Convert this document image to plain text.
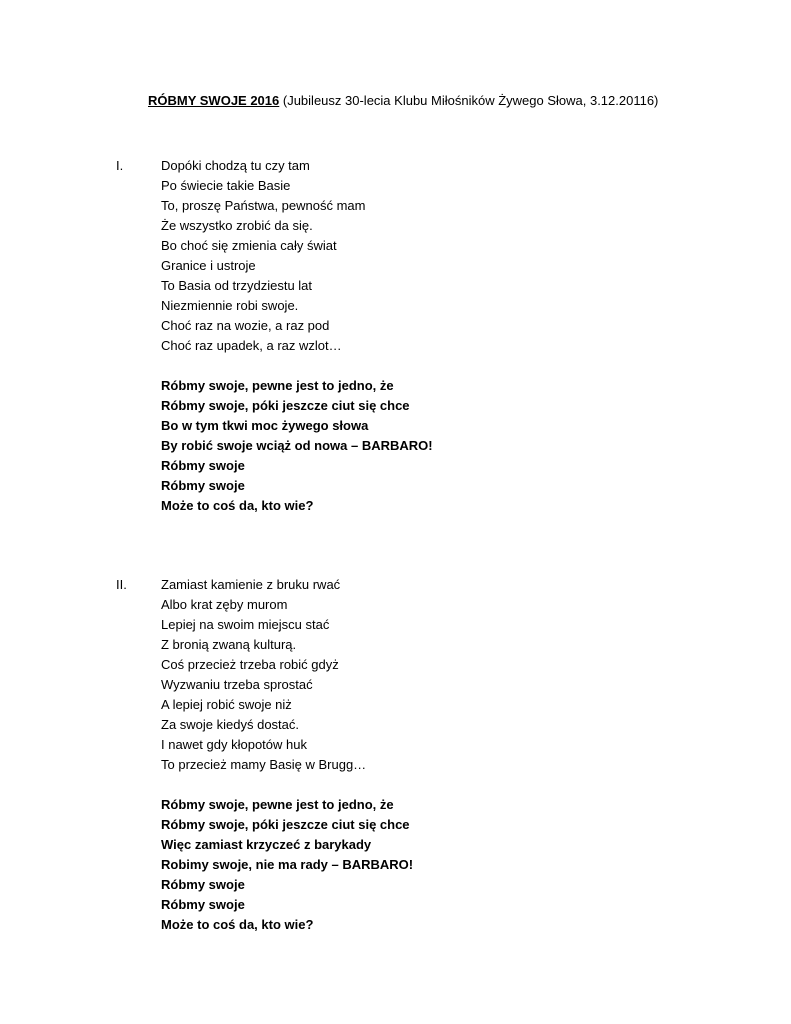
RÓBMY SWOJE 2016 (Jubileusz 30-lecia Klubu Miłośników Żywego Słowa, 3.12.20116)
I.	Dopóki chodzą tu czy tam
Po świecie takie Basie
To, proszę Państwa, pewność mam
Że wszystko zrobić da się.
Bo choć się zmienia cały świat
Granice i ustroje
To Basia od trzydziestu lat
Niezmiennie robi swoje.
Choć raz na wozie, a raz pod
Choć raz upadek, a raz wzlot…
Róbmy swoje, pewne jest to jedno, że
Róbmy swoje, póki jeszcze ciut się chce
Bo w tym tkwi moc żywego słowa
By robić swoje wciąż od nowa – BARBARO!
Róbmy swoje
Róbmy swoje
Może to coś da, kto wie?
II.	Zamiast kamienie z bruku rwać
Albo krat zęby murom
Lepiej na swoim miejscu stać
Z bronią zwaną kulturą.
Coś przecież trzeba robić gdyż
Wyzwaniu trzeba sprostać
A lepiej robić swoje niż
Za swoje kiedyś dostać.
I nawet gdy kłopotów huk
To przecież mamy Basię w Brugg…
Róbmy swoje, pewne jest to jedno, że
Róbmy swoje, póki jeszcze ciut się chce
Więc zamiast krzyczeć z barykady
Robimy swoje, nie ma rady – BARBARO!
Róbmy swoje
Róbmy swoje
Może to coś da, kto wie?
